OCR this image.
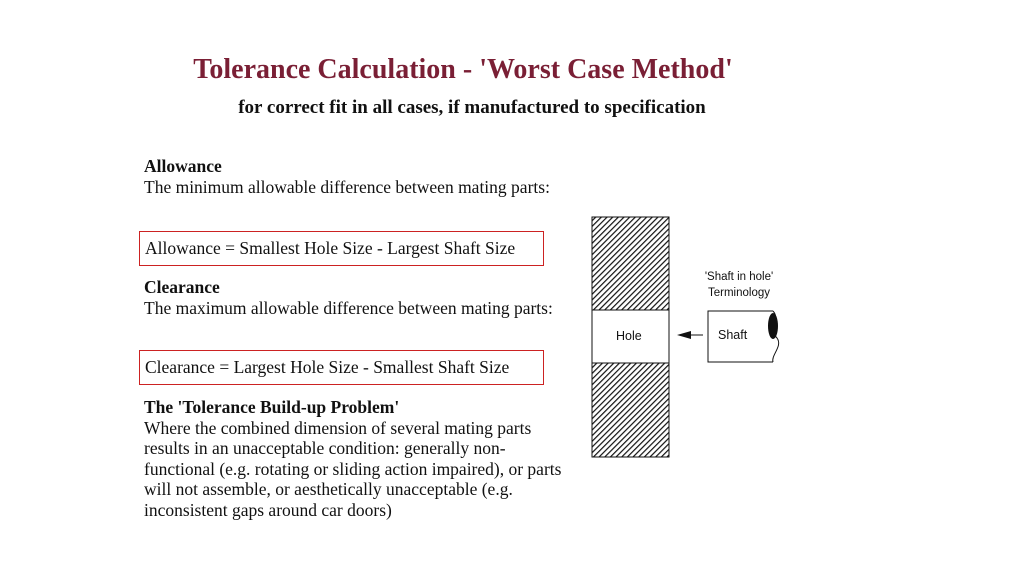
Tolerance Calculation - 'Worst Case Method'
for correct fit in all cases, if manufactured to specification
Allowance

The minimum allowable difference between mating parts:

Allowance = Smallest Hole Size - Largest Shaft Size
Clearance

The maximum allowable difference between mating parts:

Clearance = Largest Hole Size - Smallest Shaft Size
The 'Tolerance Build-up Problem'

Where the combined dimension of several mating parts results in an unacceptable condition: generally non-functional (e.g. rotating or sliding action impaired), or parts will not assemble, or aesthetically unacceptable (e.g. inconsistent gaps around car doors)

Hole	Shaft
'Shaft in hole'
Terminology
